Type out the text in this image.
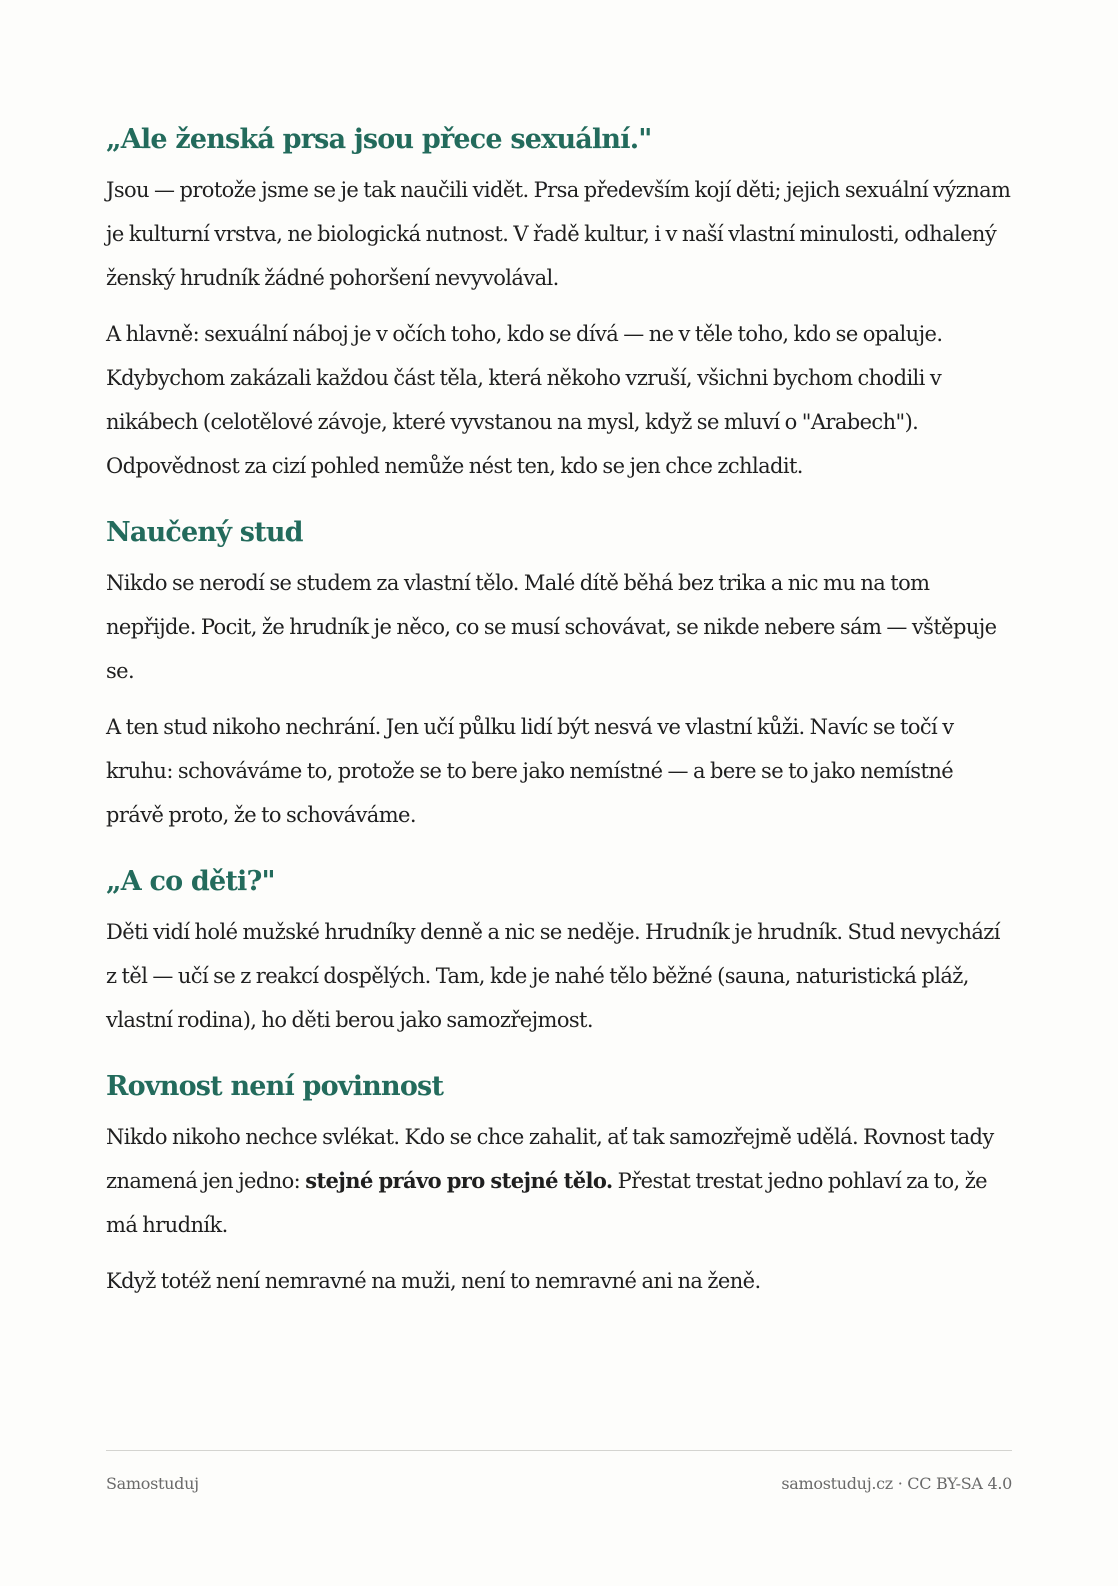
„Ale ženská prsa jsou přece sexuální."

Jsou — protože jsme se je tak naučili vidět. Prsa především kojí děti; jejich sexuální význam je kulturní vrstva, ne biologická nutnost. V řadě kultur, i v naší vlastní minulosti, odhalený ženský hrudník žádné pohoršení nevyvolával.

A hlavně: sexuální náboj je v očích toho, kdo se dívá — ne v těle toho, kdo se opaluje. Kdybychom zakázali každou část těla, která někoho vzruší, všichni bychom chodili v nikábech (celotělové závoje, které vyvstanou na mysl, když se mluví o "Arabech"). Odpovědnost za cizí pohled nemůže nést ten, kdo se jen chce zchladit.

Naučený stud

Nikdo se nerodí se studem za vlastní tělo. Malé dítě běhá bez trika a nic mu na tom nepřijde. Pocit, že hrudník je něco, co se musí schovávat, se nikde nebere sám — vštěpuje se.

A ten stud nikoho nechrání. Jen učí půlku lidí být nesvá ve vlastní kůži. Navíc se točí v kruhu: schováváme to, protože se to bere jako nemístné — a bere se to jako nemístné právě proto, že to schováváme.

„A co děti?"

Děti vidí holé mužské hrudníky denně a nic se neděje. Hrudník je hrudník. Stud nevychází z těl — učí se z reakcí dospělých. Tam, kde je nahé tělo běžné (sauna, naturistická pláž, vlastní rodina), ho děti berou jako samozřejmost.

Rovnost není povinnost

Nikdo nikoho nechce svlékat. Kdo se chce zahalit, ať tak samozřejmě udělá. Rovnost tady znamená jen jedno: stejné právo pro stejné tělo. Přestat trestat jedno pohlaví za to, že má hrudník.

Když totéž není nemravné na muži, není to nemravné ani na ženě.

Samostuduj	samostuduj.cz · CC BY-SA 4.0
